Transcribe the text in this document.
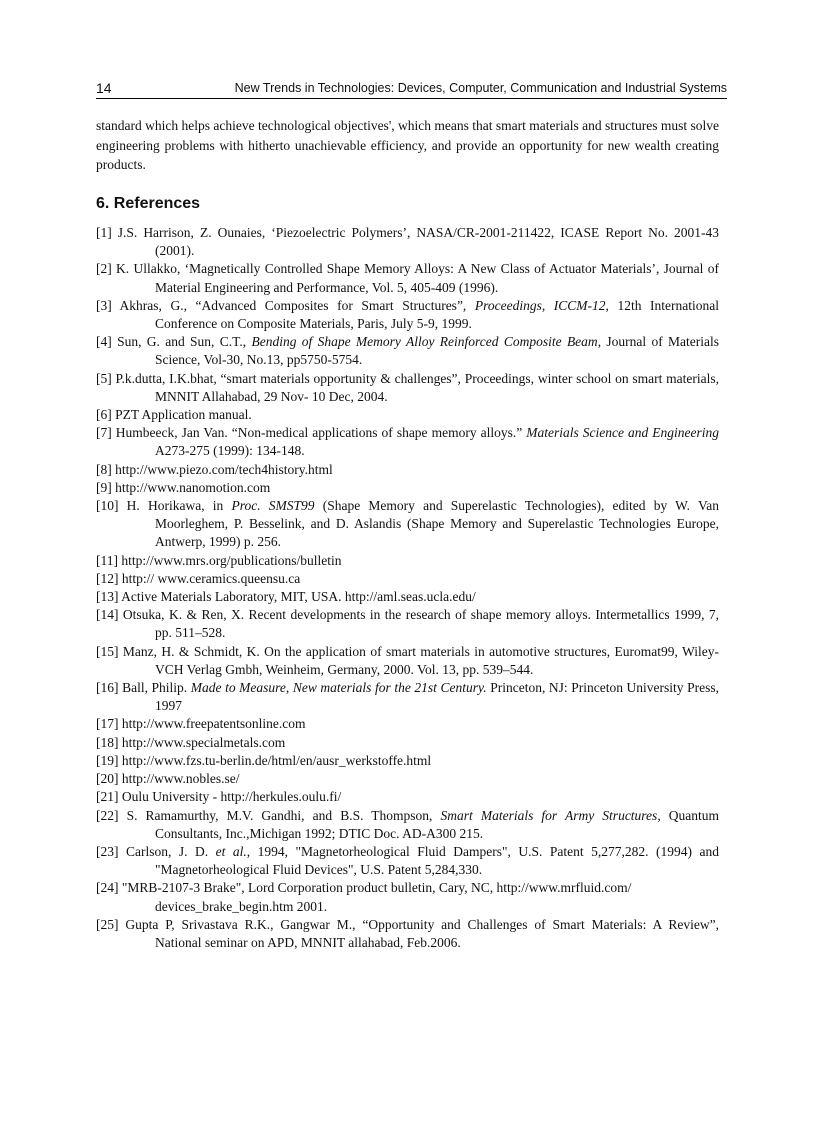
14	New Trends in Technologies: Devices, Computer, Communication and Industrial Systems

standard which helps achieve technological objectives', which means that smart materials and structures must solve engineering problems with hitherto unachievable efficiency, and provide an opportunity for new wealth creating products.

6. References
[1] J.S. Harrison, Z. Ounaies, ‘Piezoelectric Polymers’, NASA/CR-2001-211422, ICASE Report No. 2001-43 (2001).
[2] K. Ullakko, ‘Magnetically Controlled Shape Memory Alloys: A New Class of Actuator Materials’, Journal of Material Engineering and Performance, Vol. 5, 405-409 (1996).
[3] Akhras, G., “Advanced Composites for Smart Structures”, Proceedings, ICCM-12, 12th International Conference on Composite Materials, Paris, July 5-9, 1999.
[4] Sun, G. and Sun, C.T., Bending of Shape Memory Alloy Reinforced Composite Beam, Journal of Materials Science, Vol-30, No.13, pp5750-5754.
[5] P.k.dutta, I.K.bhat, “smart materials opportunity & challenges”, Proceedings, winter school on smart materials, MNNIT Allahabad, 29 Nov- 10 Dec, 2004.
[6] PZT Application manual.
[7] Humbeeck, Jan Van. “Non-medical applications of shape memory alloys.” Materials Science and Engineering A273-275 (1999): 134-148.
[8] http://www.piezo.com/tech4history.html
[9] http://www.nanomotion.com
[10] H. Horikawa, in Proc. SMST99 (Shape Memory and Superelastic Technologies), edited by W. Van Moorleghem, P. Besselink, and D. Aslandis (Shape Memory and Superelastic Technologies Europe, Antwerp, 1999) p. 256.
[11] http://www.mrs.org/publications/bulletin
[12] http:// www.ceramics.queensu.ca
[13] Active Materials Laboratory, MIT, USA. http://aml.seas.ucla.edu/
[14] Otsuka, K. & Ren, X. Recent developments in the research of shape memory alloys. Intermetallics 1999, 7, pp. 511–528.
[15] Manz, H. & Schmidt, K. On the application of smart materials in automotive structures, Euromat99, Wiley-VCH Verlag Gmbh, Weinheim, Germany, 2000. Vol. 13, pp. 539–544.
[16] Ball, Philip. Made to Measure, New materials for the 21st Century. Princeton, NJ: Princeton University Press, 1997
[17] http://www.freepatentsonline.com
[18] http://www.specialmetals.com
[19] http://www.fzs.tu-berlin.de/html/en/ausr_werkstoffe.html
[20] http://www.nobles.se/
[21] Oulu University - http://herkules.oulu.fi/
[22] S. Ramamurthy, M.V. Gandhi, and B.S. Thompson, Smart Materials for Army Structures, Quantum Consultants, Inc.,Michigan 1992; DTIC Doc. AD-A300 215.
[23] Carlson, J. D. et al., 1994, "Magnetorheological Fluid Dampers", U.S. Patent 5,277,282. (1994) and "Magnetorheological Fluid Devices", U.S. Patent 5,284,330.
[24] "MRB-2107-3 Brake", Lord Corporation product bulletin, Cary, NC, http://www.mrfluid.com/ devices_brake_begin.htm 2001.
[25] Gupta P, Srivastava R.K., Gangwar M., “Opportunity and Challenges of Smart Materials: A Review”, National seminar on APD, MNNIT allahabad, Feb.2006.
